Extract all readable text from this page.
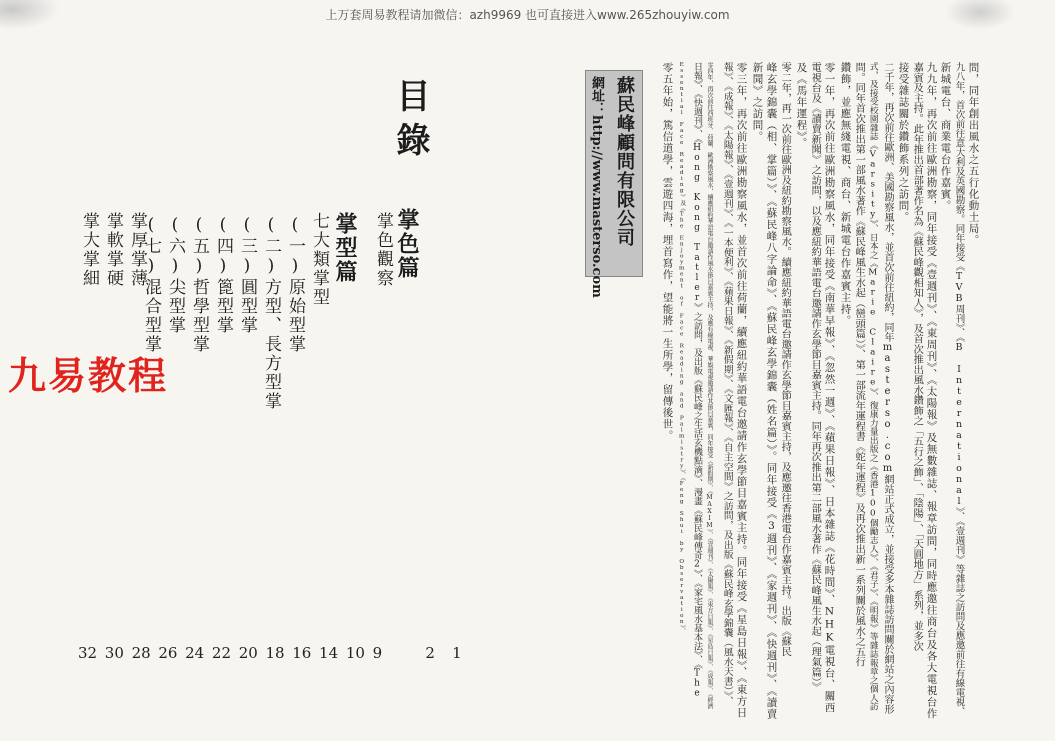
上万套周易教程请加微信：azh9969 也可直接进入www.265zhouyiw.com
目錄
掌色篇
掌色觀察
掌型篇
七大類掌型
(一)原始型掌
(二)方型、長方型掌
(三)圓型掌
(四)篦型掌
(五)哲學型掌
(六)尖型掌
(七)混合型掌
掌厚掌薄
掌軟掌硬
掌大掌細
32 30 28 26 24 22 20 18 16 14 10 9	2 1
九易教程
蘇民峰顧問有限公司
網址：http://www.masterso.com	問，同年創出風水之五行化動土局。
九八年，首次前往意大利及英國勘察。同年接受《TVB周刊》、《B International》、《壹週刊》等雜誌之訪問及應邀前往有線電視、
新城電台、商業電台作嘉賓。
九九年，再次前往歐洲勘察，同年接受《壹週刊》、《東周刊》、《太陽報》及無數雜誌、報章訪問，同時應邀往商台及各大電視台作
嘉賓及主持。此年推出首部著作名為《蘇民峰觀相知人》，及首次推出風水鑽飾之「五行之飾」、「陰陽」、「天圓地方」系列，並多次
接受雜誌關於鑽飾系列之訪問。
二千年，再次前往歐洲、美國勘察風水，並首次前往紐約，同年masterso.com網站正式成立，並接受多本雜誌訪問關於網站之內容形
式，及接受校園雜誌《Varsity》、日本之《Marie Claire》、復康力量出版之《香港100個勵志人》、《君子》、《明報》等雜誌報章之個人訪
問。同年首次推出第一部風水著作《蘇民峰風生水起（巒頭篇）》、第一部流年運程書《蛇年運程》及再次推出新一系列關於風水之五行
鑽飾，並應無綫電視、商台、新城電台作嘉賓主持。
零一年，再次前往歐洲勘察風水，同年接受《南華早報》、《忽然一週》、《蘋果日報》、日本雜誌《花時間》、NHK電視台、關西
電視台及《讀賣新聞》之訪問，以及應紐約華語電台邀請作玄學節目嘉賓主持。同年再次推出第二部風水著作《蘇民峰風生水起（理氣篇）》
及《馬年運程》。
零二年，再一次前往歐洲及紐約勘察風水。續應紐約華語電台邀請作玄學節目嘉賓主持，及應邀往香港電台作嘉賓主持。出版《蘇民
峰玄學錦囊（相、掌篇）》、《蘇民峰八字論命》、《蘇民峰玄學錦囊（姓名篇）》。同年接受《3週刊》、《家週刊》、《快週刊》、《讀賣
新聞》之訪問。
零三年，再次前往歐洲勘察風水，並首次前往荷蘭，續應紐約華語電台邀請作玄學節目嘉賓主持。同年接受《星島日報》、《東方日
報》、《成報》、《太陽報》、《壹週刊》、《一本便利》、《蘋果日報》、《新假期》、《文匯報》、《自主空間》之訪問，及出版《蘇民峰玄學錦囊（風水天書）》、
零四年，再次前往西班牙、荷蘭、歐洲勘察風水，續應紐約華語電台邀請作風水節目嘉賓主持，及應有線電視、華娛電視邀請作其節目嘉賓，同年接受《新假期》、《MAXIM》、《壹週刊》、《太陽報》、《東方日報》、《星島日報》、《成報》、《經濟
日報》、《快週刊》、《Hong Kong Tatler》之訪問，及出版《蘇民峰之生活玄機點滴》、漫畫《蘇民峰傳奇2》、《家宅風水基本法》、《The
Essential Face Reading》及《The Enjoyment of Face Reading and Palmistry》、《Feng Shui by Observation》。
零五年始，篤信道學，雲遊四海，埋首寫作，望能將一生所學，留傳後世。
